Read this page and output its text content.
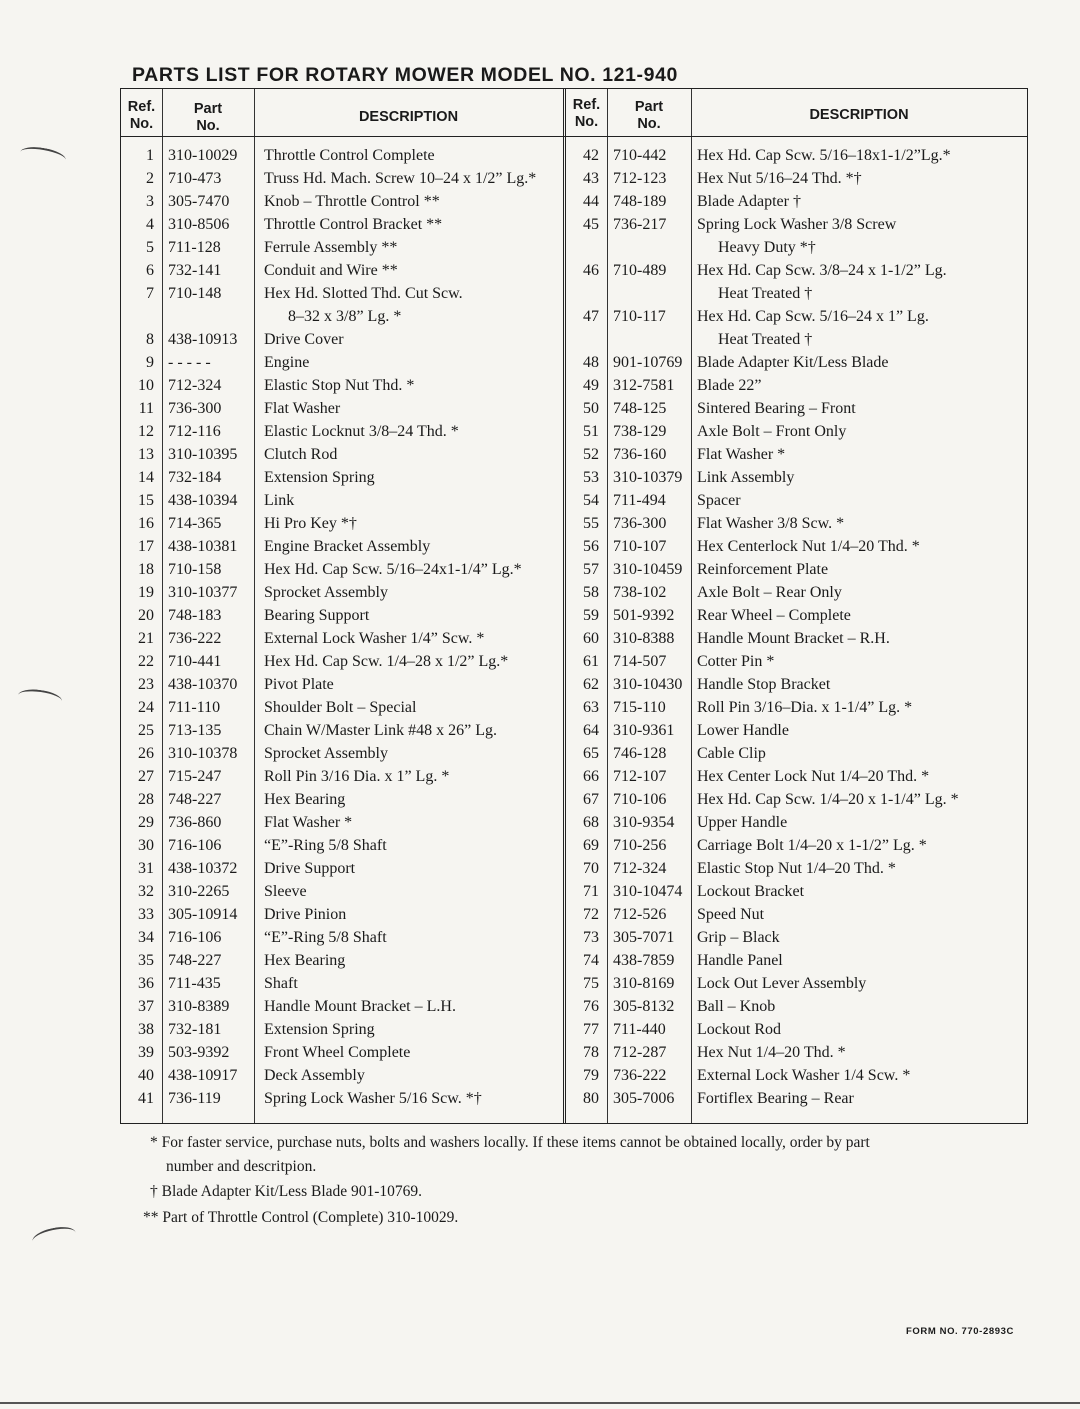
PARTS LIST FOR ROTARY MOWER MODEL NO. 121-940
Ref.
No.
Part
No.
DESCRIPTION
Ref.
No.
Part
No.
DESCRIPTION
1 310-10029 Throttle Control Complete
2 710-473	Truss Hd. Mach. Screw 10–24 x 1/2” Lg.*
3 305-7470 Knob – Throttle Control **
4 310-8506 Throttle Control Bracket **
5 711-128	Ferrule Assembly **
6 732-141	Conduit and Wire **
7 710-148	Hex Hd. Slotted Thd. Cut Scw.
8–32 x 3/8” Lg. *
8 438-10913 Drive Cover
9 - - - - -	Engine
10 712-324	Elastic Stop Nut Thd. *
11 736-300	Flat Washer
12 712-116	Elastic Locknut 3/8–24 Thd. *
13 310-10395 Clutch Rod
14 732-184	Extension Spring
15 438-10394 Link
16 714-365	Hi Pro Key *†
17 438-10381 Engine Bracket Assembly
18 710-158	Hex Hd. Cap Scw. 5/16–24x1-1/4” Lg.*
19 310-10377 Sprocket Assembly
20 748-183	Bearing Support
21 736-222	External Lock Washer 1/4” Scw. *
22 710-441	Hex Hd. Cap Scw. 1/4–28 x 1/2” Lg.*
23 438-10370 Pivot Plate
24 711-110	Shoulder Bolt – Special
25 713-135	Chain W/Master Link #48 x 26” Lg.
26 310-10378 Sprocket Assembly
27 715-247	Roll Pin 3/16 Dia. x 1” Lg. *
28 748-227	Hex Bearing
29 736-860	Flat Washer *
30 716-106	“E”-Ring 5/8 Shaft
31 438-10372 Drive Support
32 310-2265 Sleeve
33 305-10914 Drive Pinion
34 716-106	“E”-Ring 5/8 Shaft
35 748-227	Hex Bearing
36 711-435	Shaft
37 310-8389 Handle Mount Bracket – L.H.
38 732-181	Extension Spring
39 503-9392 Front Wheel Complete
40 438-10917 Deck Assembly
41 736-119	Spring Lock Washer 5/16 Scw. *†
42 710-442 Hex Hd. Cap Scw. 5/16–18x1-1/2”Lg.*
43 712-123 Hex Nut 5/16–24 Thd. *†
44 748-189 Blade Adapter †
45 736-217 Spring Lock Washer 3/8 Screw
Heavy Duty *†
46 710-489 Hex Hd. Cap Scw. 3/8–24 x 1-1/2” Lg.
Heat Treated †
47 710-117 Hex Hd. Cap Scw. 5/16–24 x 1” Lg.
Heat Treated †
48 901-10769 Blade Adapter Kit/Less Blade
49 312-7581 Blade 22”
50 748-125 Sintered Bearing – Front
51 738-129 Axle Bolt – Front Only
52 736-160 Flat Washer *
53 310-10379 Link Assembly
54 711-494 Spacer
55 736-300 Flat Washer 3/8 Scw. *
56 710-107 Hex Centerlock Nut 1/4–20 Thd. *
57 310-10459 Reinforcement Plate
58 738-102 Axle Bolt – Rear Only
59 501-9392 Rear Wheel – Complete
60 310-8388 Handle Mount Bracket – R.H.
61 714-507 Cotter Pin *
62 310-10430 Handle Stop Bracket
63 715-110 Roll Pin 3/16–Dia. x 1-1/4” Lg. *
64 310-9361 Lower Handle
65 746-128 Cable Clip
66 712-107 Hex Center Lock Nut 1/4–20 Thd. *
67 710-106 Hex Hd. Cap Scw. 1/4–20 x 1-1/4” Lg. *
68 310-9354 Upper Handle
69 710-256 Carriage Bolt 1/4–20 x 1-1/2” Lg. *
70 712-324 Elastic Stop Nut 1/4–20 Thd. *
71 310-10474 Lockout Bracket
72 712-526 Speed Nut
73 305-7071 Grip – Black
74 438-7859 Handle Panel
75 310-8169 Lock Out Lever Assembly
76 305-8132 Ball – Knob
77 711-440 Lockout Rod
78 712-287 Hex Nut 1/4–20 Thd. *
79 736-222 External Lock Washer 1/4 Scw. *
80 305-7006 Fortiflex Bearing – Rear
* For faster service, purchase nuts, bolts and washers locally. If these items cannot be obtained locally, order by part
number and descritpion.
† Blade Adapter Kit/Less Blade 901-10769.
** Part of Throttle Control (Complete) 310-10029.
FORM NO. 770-2893C
